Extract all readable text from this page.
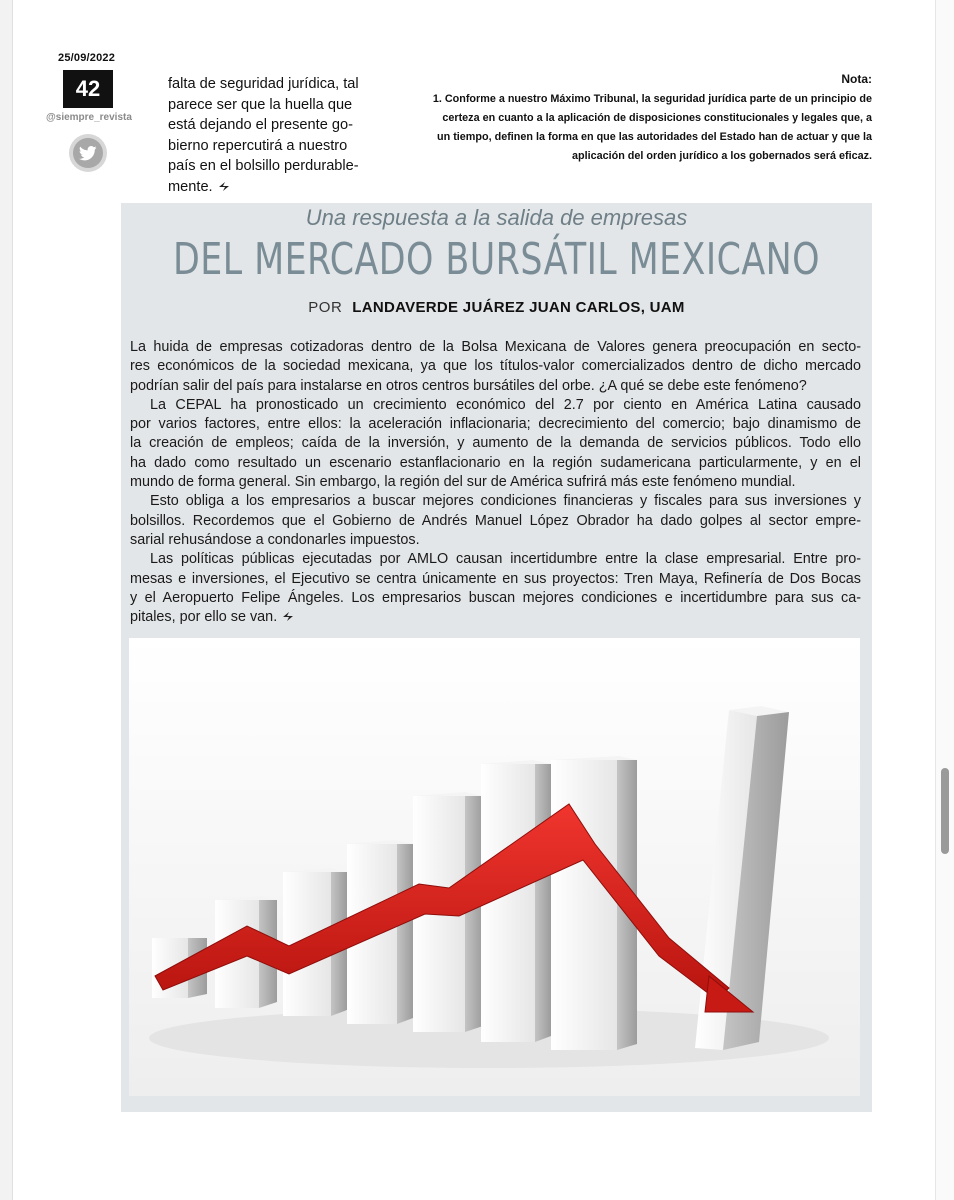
25/09/2022
42
@siempre_revista
falta de seguridad jurídica, tal
parece ser que la huella que
está dejando el presente go-
bierno repercutirá a nuestro
país en el bolsillo perdurable-
mente.
Nota:
1. Conforme a nuestro Máximo Tribunal, la seguridad jurídica parte de un principio de
certeza en cuanto a la aplicación de disposiciones constitucionales y legales que, a
un tiempo, definen la forma en que las autoridades del Estado han de actuar y que la
aplicación del orden jurídico a los gobernados será eficaz.
Una respuesta a la salida de empresas
DEL MERCADO BURSÁTIL MEXICANO
POR LANDAVERDE JUÁREZ JUAN CARLOS, UAM
La huida de empresas cotizadoras dentro de la Bolsa Mexicana de Valores genera preocupación en secto-
res económicos de la sociedad mexicana, ya que los títulos-valor comercializados dentro de dicho mercado
podrían salir del país para instalarse en otros centros bursátiles del orbe. ¿A qué se debe este fenómeno?
La CEPAL ha pronosticado un crecimiento económico del 2.7 por ciento en América Latina causado
por varios factores, entre ellos: la aceleración inflacionaria; decrecimiento del comercio; bajo dinamismo de
la creación de empleos; caída de la inversión, y aumento de la demanda de servicios públicos. Todo ello
ha dado como resultado un escenario estanflacionario en la región sudamericana particularmente, y en el
mundo de forma general. Sin embargo, la región del sur de América sufrirá más este fenómeno mundial.
Esto obliga a los empresarios a buscar mejores condiciones financieras y fiscales para sus inversiones y
bolsillos. Recordemos que el Gobierno de Andrés Manuel López Obrador ha dado golpes al sector empre-
sarial rehusándose a condonarles impuestos.
Las políticas públicas ejecutadas por AMLO causan incertidumbre entre la clase empresarial. Entre pro-
mesas e inversiones, el Ejecutivo se centra únicamente en sus proyectos: Tren Maya, Refinería de Dos Bocas
y el Aeropuerto Felipe Ángeles. Los empresarios buscan mejores condiciones e incertidumbre para sus ca-
pitales, por ello se van.
